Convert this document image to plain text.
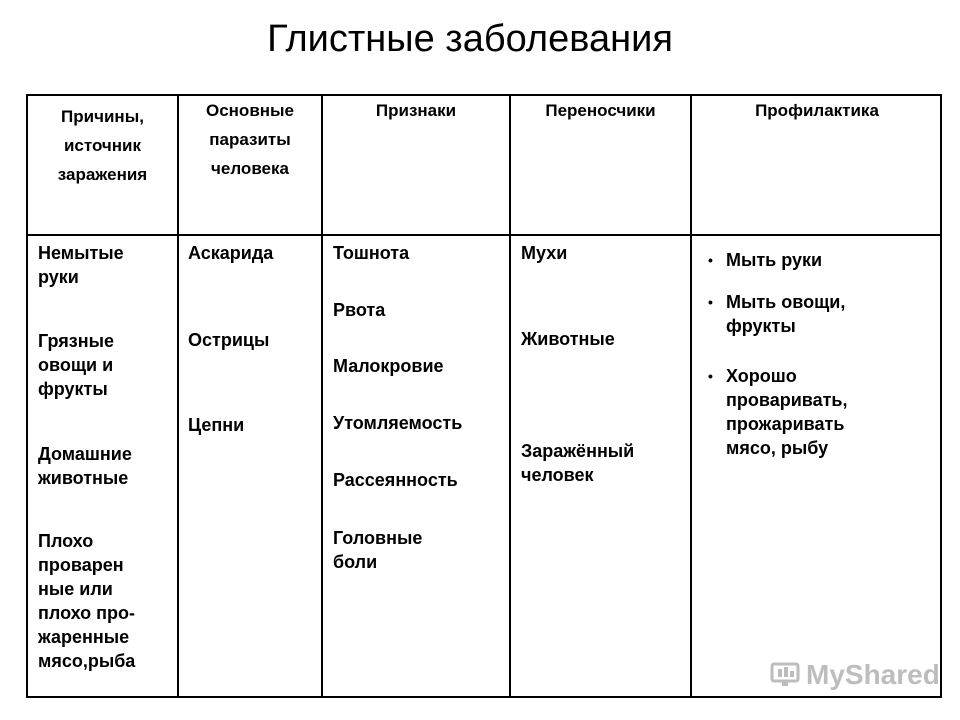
Глистные заболевания
Причины,
источник
заражения
Основные
паразиты
человека
Признаки	Переносчики	Профилактика
Немытые
руки
Грязные
овощи и
фрукты
Домашние
животные
Плохо
проварен
ные или
плохо про-
жаренные
мясо,рыба
Аскарида
Острицы
Цепни
Тошнота
Рвота
Малокровие
Утомляемость
Рассеянность
Головные
боли
Мухи
Животные
Заражённый
человек
• Мыть руки
• Мыть овощи,
фрукты
• Хорошо
проваривать,
прожаривать
мясо, рыбу
MyShared
